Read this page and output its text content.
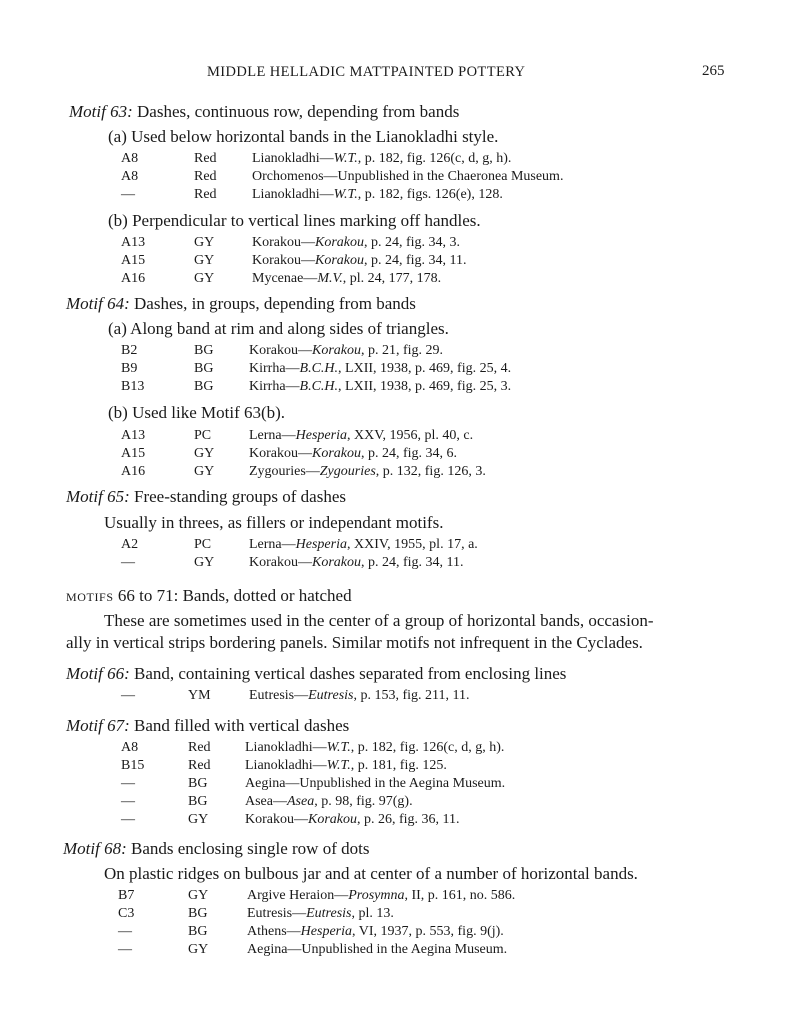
MIDDLE HELLADIC MATTPAINTED POTTERY	265
Motif 63: Dashes, continuous row, depending from bands
(a) Used below horizontal bands in the Lianokladhi style.
A8	Red	Lianokladhi—W.T., p. 182, fig. 126(c, d, g, h).
A8	Red	Orchomenos—Unpublished in the Chaeronea Museum.
—	Red	Lianokladhi—W.T., p. 182, figs. 126(e), 128.
(b) Perpendicular to vertical lines marking off handles.
A13	GY	Korakou—Korakou, p. 24, fig. 34, 3.
A15	GY	Korakou—Korakou, p. 24, fig. 34, 11.
A16	GY	Mycenae—M.V., pl. 24, 177, 178.
Motif 64: Dashes, in groups, depending from bands
(a) Along band at rim and along sides of triangles.
B2	BG	Korakou—Korakou, p. 21, fig. 29.
B9	BG	Kirrha—B.C.H., LXII, 1938, p. 469, fig. 25, 4.
B13	BG	Kirrha—B.C.H., LXII, 1938, p. 469, fig. 25, 3.
(b) Used like Motif 63(b).
A13	PC	Lerna—Hesperia, XXV, 1956, pl. 40, c.
A15	GY Korakou—Korakou, p. 24, fig. 34, 6.
A16	GY Zygouries—Zygouries, p. 132, fig. 126, 3.
Motif 65: Free-standing groups of dashes
Usually in threes, as fillers or independant motifs.
A2	PC	Lerna—Hesperia, XXIV, 1955, pl. 17, a.
—	GY Korakou—Korakou, p. 24, fig. 34, 11.
MOTIFS 66 to 71: Bands, dotted or hatched
These are sometimes used in the center of a group of horizontal bands, occasion-
ally in vertical strips bordering panels. Similar motifs not infrequent in the Cyclades.
Motif 66: Band, containing vertical dashes separated from enclosing lines
—	YM	Eutresis—Eutresis, p. 153, fig. 211, 11.
Motif 67: Band filled with vertical dashes
A8	Red Lianokladhi—W.T., p. 182, fig. 126(c, d, g, h).
B15	Red Lianokladhi—W.T., p. 181, fig. 125.
—	BG	Aegina—Unpublished in the Aegina Museum.
—	BG	Asea—Asea, p. 98, fig. 97(g).
—	GY	Korakou—Korakou, p. 26, fig. 36, 11.
Motif 68: Bands enclosing single row of dots
On plastic ridges on bulbous jar and at center of a number of horizontal bands.
B7	GY	Argive Heraion—Prosymna, II, p. 161, no. 586.
C3	BG	Eutresis—Eutresis, pl. 13.
—	BG	Athens—Hesperia, VI, 1937, p. 553, fig. 9(j).
—	GY	Aegina—Unpublished in the Aegina Museum.
